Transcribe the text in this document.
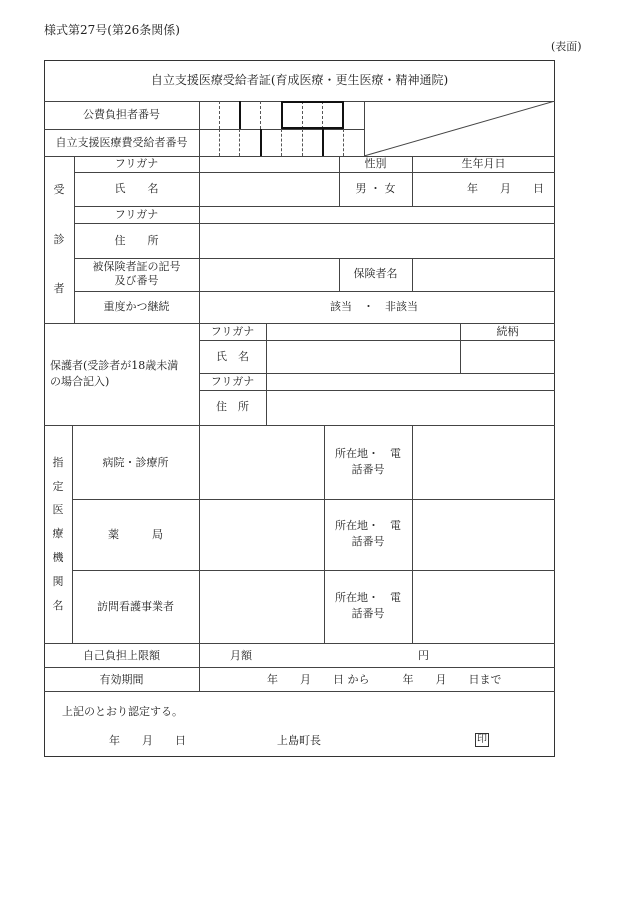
様式第27号(第26条関係)
(表面)
自立支援医療受給者証(育成医療・更生医療・精神通院)
公費負担者番号
自立支援医療費受給者番号
受
診
者
フリガナ	性別	生年月日
氏　　名	男 ・ 女	年　　月　　日
フリガナ
住　　所
被保険者証の記号
及び番号
保険者名
重度かつ継続	該当　・　非該当
保護者(受診者が18歳未満
の場合記入)
フリガナ	続柄
氏　名
フリガナ
住　所
指
定
医
療
機
関
名
病院・診療所
所在地・　電
話番号
薬　　　局
所在地・　電
話番号
訪問看護事業者
所在地・　電
話番号
自己負担上限額	月額	円
有効期間	年　　月　　日 から　　　年　　月　　日まで
上記のとおり認定する。
年　　月　　日	上島町長	印
